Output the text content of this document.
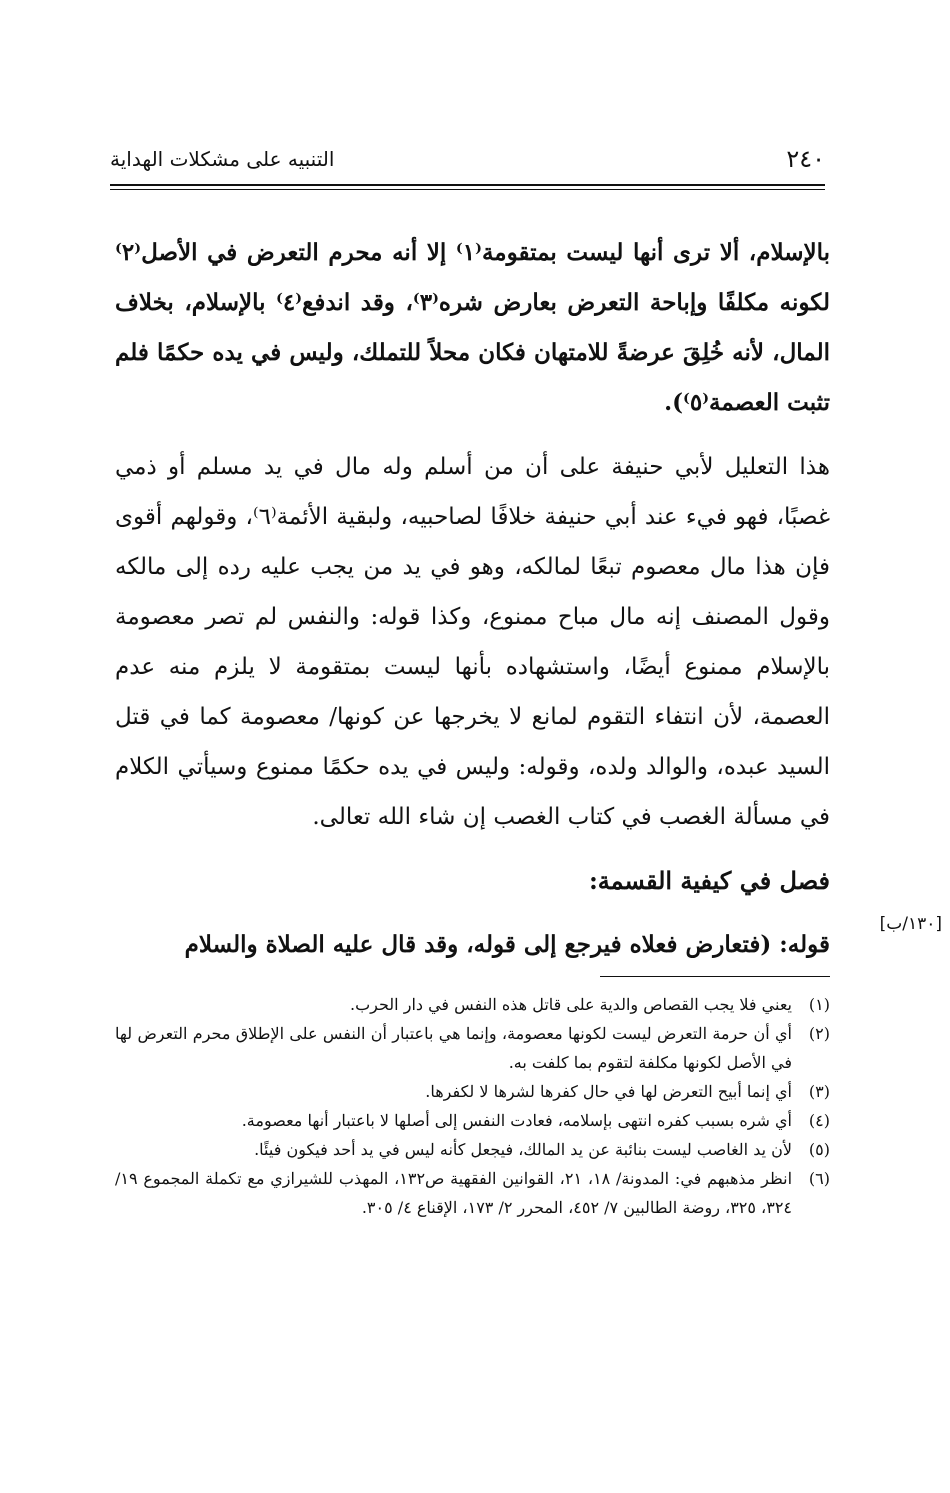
٢٤٠
التنبيه على مشكلات الهداية

بالإسلام، ألا ترى أنها ليست بمتقومة⁽١⁾ إلا أنه محرم التعرض في الأصل⁽٢⁾ لكونه مكلفًا وإباحة التعرض بعارض شره⁽٣⁾، وقد اندفع⁽٤⁾ بالإسلام، بخلاف المال، لأنه خُلِقَ عرضةً للامتهان فكان محلاً للتملك، وليس في يده حكمًا فلم تثبت العصمة⁽٥⁾).

هذا التعليل لأبي حنيفة على أن من أسلم وله مال في يد مسلم أو ذمي غصبًا، فهو فيء عند أبي حنيفة خلافًا لصاحبيه، ولبقية الأئمة⁽٦⁾، وقولهم أقوى فإن هذا مال معصوم تبعًا لمالكه، وهو في يد من يجب عليه رده إلى مالكه وقول المصنف إنه مال مباح ممنوع، وكذا قوله: والنفس لم تصر معصومة بالإسلام ممنوع أيضًا، واستشهاده بأنها ليست بمتقومة لا يلزم منه عدم العصمة، لأن انتفاء التقوم لمانع لا يخرجها عن كونها/ معصومة كما في قتل السيد عبده، والوالد ولده، وقوله: وليس في يده حكمًا ممنوع وسيأتي الكلام في مسألة الغصب في كتاب الغصب إن شاء الله تعالى.

فصل في كيفية القسمة:
قوله: (فتعارض فعلاه فيرجع إلى قوله، وقد قال عليه الصلاة والسلام
[١٣٠/ب]
(١)
يعني فلا يجب القصاص والدية على قاتل هذه النفس في دار الحرب.
(٢)
أي أن حرمة التعرض ليست لكونها معصومة، وإنما هي باعتبار أن النفس على الإطلاق محرم التعرض لها في الأصل لكونها مكلفة لتقوم بما كلفت به.
(٣)
أي إنما أبيح التعرض لها في حال كفرها لشرها لا لكفرها.
(٤)
أي شره بسبب كفره انتهى بإسلامه، فعادت النفس إلى أصلها لا باعتبار أنها معصومة.
(٥)
لأن يد الغاصب ليست بنائبة عن يد المالك، فيجعل كأنه ليس في يد أحد فيكون فيئًا.
(٦)
انظر مذهبهم في: المدونة/ ١٨، ٢١، القوانين الفقهية ص١٣٢، المهذب للشيرازي مع تكملة المجموع ١٩/ ٣٢٤، ٣٢٥، روضة الطالبين ٧/ ٤٥٢، المحرر ٢/ ١٧٣، الإقناع ٤/ ٣٠٥.
